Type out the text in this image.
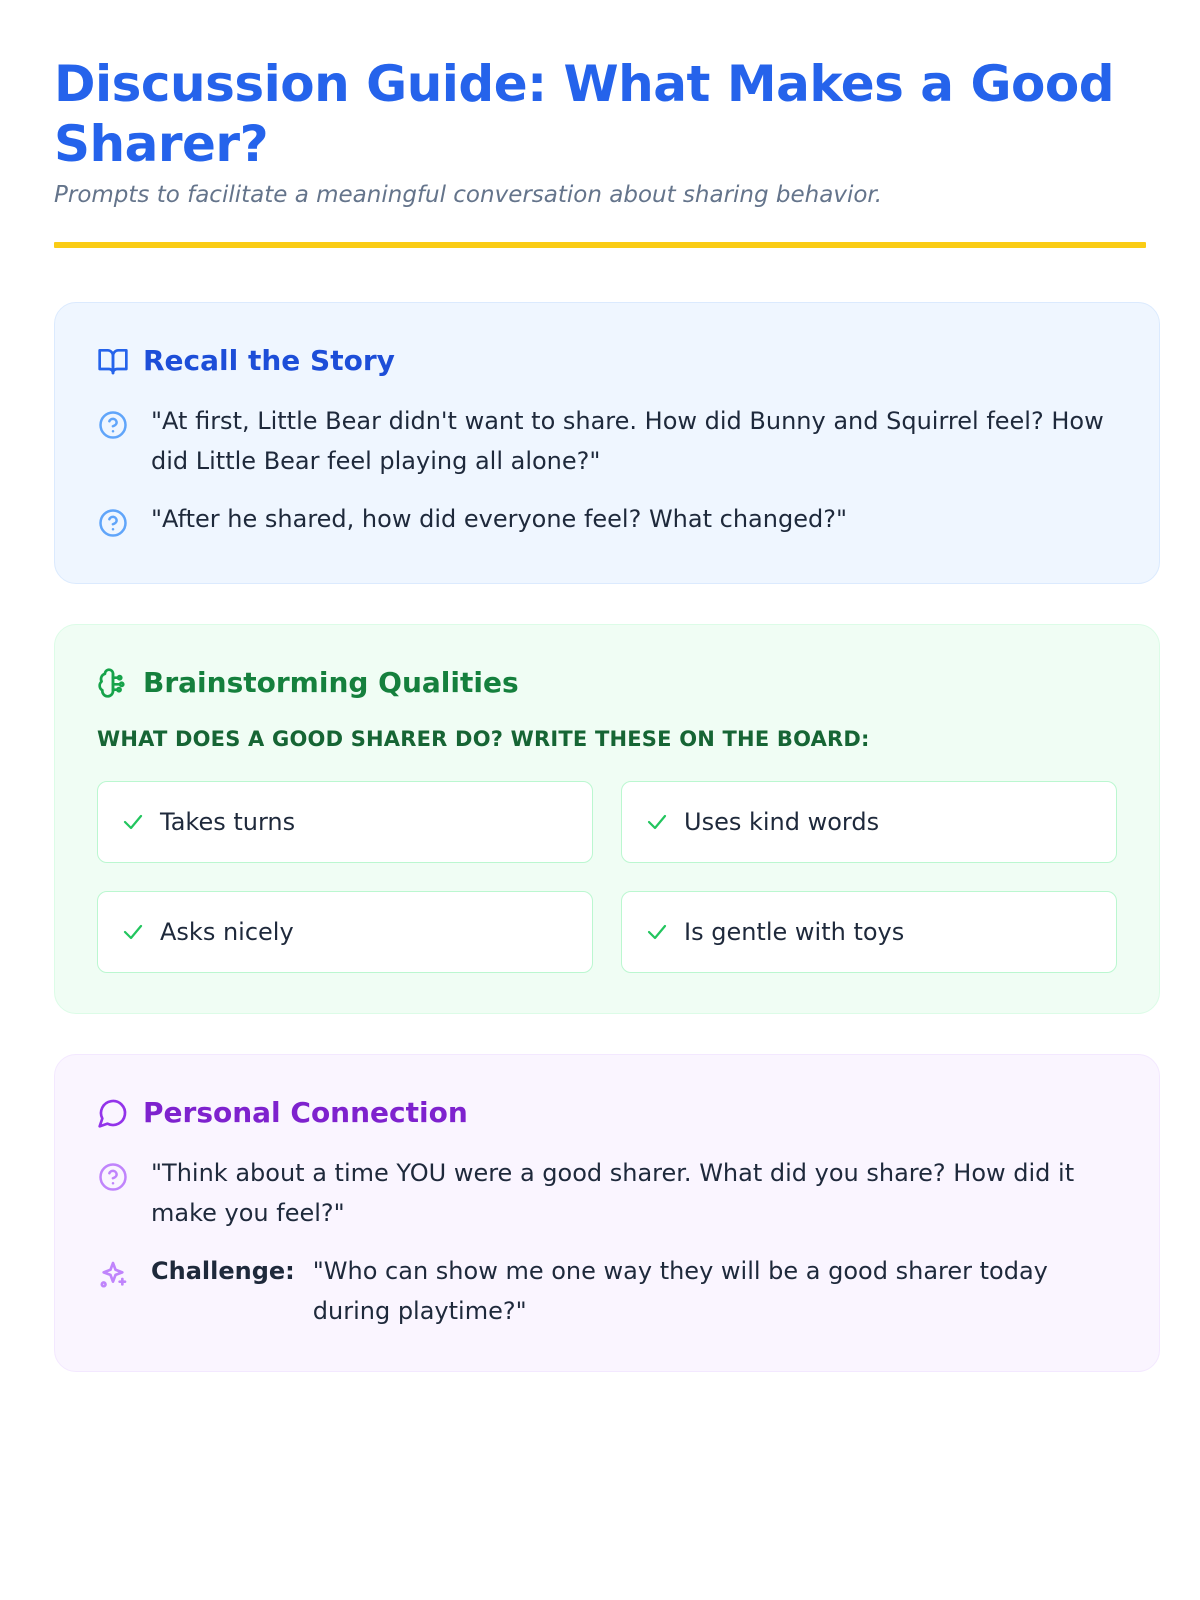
Discussion Guide: What Makes a Good Sharer?

Prompts to facilitate a meaningful conversation about sharing behavior.

Recall the Story
"At first, Little Bear didn't want to share. How did Bunny and Squirrel feel? How did Little Bear feel playing all alone?"
"After he shared, how did everyone feel? What changed?"
Brainstorming Qualities

WHAT DOES A GOOD SHARER DO? WRITE THESE ON THE BOARD:

Takes turns	Uses kind words
Asks nicely	Is gentle with toys
Personal Connection
"Think about a time YOU were a good sharer. What did you share? How did it make you feel?"
Challenge: "Who can show me one way they will be a good sharer today during playtime?"
